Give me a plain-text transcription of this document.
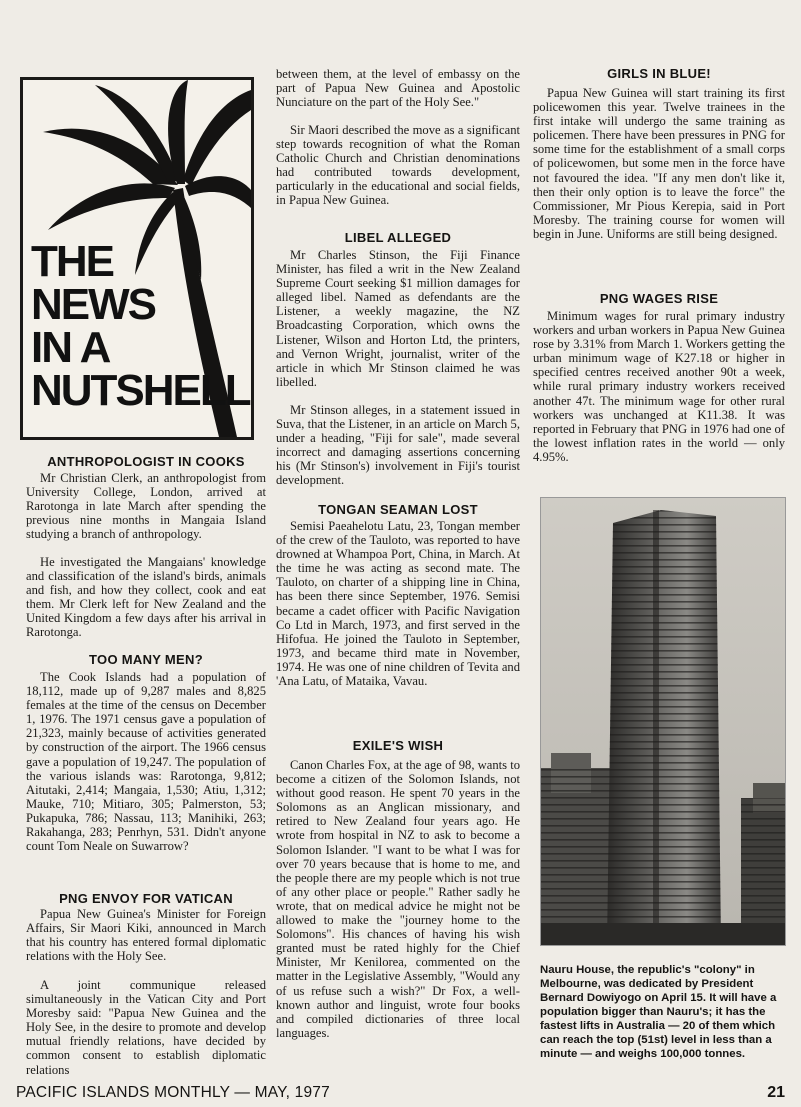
THE
NEWS
IN A
NUTSHELL
ANTHROPOLOGIST IN COOKS

Mr Christian Clerk, an anthropologist from University College, London, arrived at Rarotonga in late March after spending the previous nine months in Mangaia Island studying a branch of anthropology.

He investigated the Mangaians' knowledge and classification of the island's birds, animals and fish, and how they collect, cook and eat them. Mr Clerk left for New Zealand and the United Kingdom a few days after his arrival in Rarotonga.

TOO MANY MEN?

The Cook Islands had a population of 18,112, made up of 9,287 males and 8,825 females at the time of the census on December 1, 1976. The 1971 census gave a population of 21,323, mainly because of activities generated by construction of the airport. The 1966 census gave a population of 19,247. The population of the various islands was: Rarotonga, 9,812; Aitutaki, 2,414; Mangaia, 1,530; Atiu, 1,312; Mauke, 710; Mitiaro, 305; Palmerston, 53; Pukapuka, 786; Nassau, 113; Manihiki, 263; Rakahanga, 283; Penrhyn, 531. Didn't anyone count Tom Neale on Suwarrow?

PNG ENVOY FOR VATICAN

Papua New Guinea's Minister for Foreign Affairs, Sir Maori Kiki, announced in March that his country has entered formal diplomatic relations with the Holy See.

A joint communique released simultaneously in the Vatican City and Port Moresby said: "Papua New Guinea and the Holy See, in the desire to promote and develop mutual friendly relations, have decided by common consent to establish diplomatic relations

between them, at the level of embassy on the part of Papua New Guinea and Apostolic Nunciature on the part of the Holy See."

Sir Maori described the move as a significant step towards recognition of what the Roman Catholic Church and Christian denominations had contributed towards development, particularly in the educational and social fields, in Papua New Guinea.

LIBEL ALLEGED

Mr Charles Stinson, the Fiji Finance Minister, has filed a writ in the New Zealand Supreme Court seeking $1 million damages for alleged libel. Named as defendants are the Listener, a weekly magazine, the NZ Broadcasting Corporation, which owns the Listener, Wilson and Horton Ltd, the printers, and Vernon Wright, journalist, writer of the article in which Mr Stinson claimed he was libelled.

Mr Stinson alleges, in a statement issued in Suva, that the Listener, in an article on March 5, under a heading, "Fiji for sale", made several incorrect and damaging assertions concerning his (Mr Stinson's) involvement in Fiji's tourist development.

TONGAN SEAMAN LOST

Semisi Paeahelotu Latu, 23, Tongan member of the crew of the Tauloto, was reported to have drowned at Whampoa Port, China, in March. At the time he was acting as second mate. The Tauloto, on charter of a shipping line in China, has been there since September, 1976. Semisi became a cadet officer with Pacific Navigation Co Ltd in March, 1973, and first served in the Hifofua. He joined the Tauloto in September, 1973, and became third mate in November, 1974. He was one of nine children of Tevita and 'Ana Latu, of Mataika, Vavau.

EXILE'S WISH

Canon Charles Fox, at the age of 98, wants to become a citizen of the Solomon Islands, not without good reason. He spent 70 years in the Solomons as an Anglican missionary, and retired to New Zealand four years ago. He wrote from hospital in NZ to ask to become a Solomon Islander. "I want to be what I was for over 70 years because that is home to me, and the people there are my people which is not true of any other place or people." Rather sadly he wrote, that on medical advice he might not be allowed to make the "journey home to the Solomons". His chances of having his wish granted must be rated highly for the Chief Minister, Mr Kenilorea, commented on the matter in the Legislative Assembly, "Would any of us refuse such a wish?" Dr Fox, a well-known author and linguist, wrote four books and compiled dictionaries of three local languages.

GIRLS IN BLUE!

Papua New Guinea will start training its first policewomen this year. Twelve trainees in the first intake will undergo the same training as policemen. There have been pressures in PNG for some time for the establishment of a small corps of policewomen, but some men in the force have not favoured the idea. "If any men don't like it, then their only option is to leave the force" the Commissioner, Mr Pious Kerepia, said in Port Moresby. The training course for women will begin in June. Uniforms are still being designed.

PNG WAGES RISE

Minimum wages for rural primary industry workers and urban workers in Papua New Guinea rose by 3.31% from March 1. Workers getting the urban minimum wage of K27.18 or higher in specified centres received another 90t a week, while rural primary industry workers received another 47t. The minimum wage for other rural workers was unchanged at K11.38. It was reported in February that PNG in 1976 had one of the lowest inflation rates in the world — only 4.95%.

Nauru House, the republic's "colony" in Melbourne, was dedicated by President Bernard Dowiyogo on April 15. It will have a population bigger than Nauru's; it has the fastest lifts in Australia — 20 of them which can reach the top (51st) level in less than a minute — and weighs 100,000 tonnes.
PACIFIC ISLANDS MONTHLY — MAY, 1977	21
